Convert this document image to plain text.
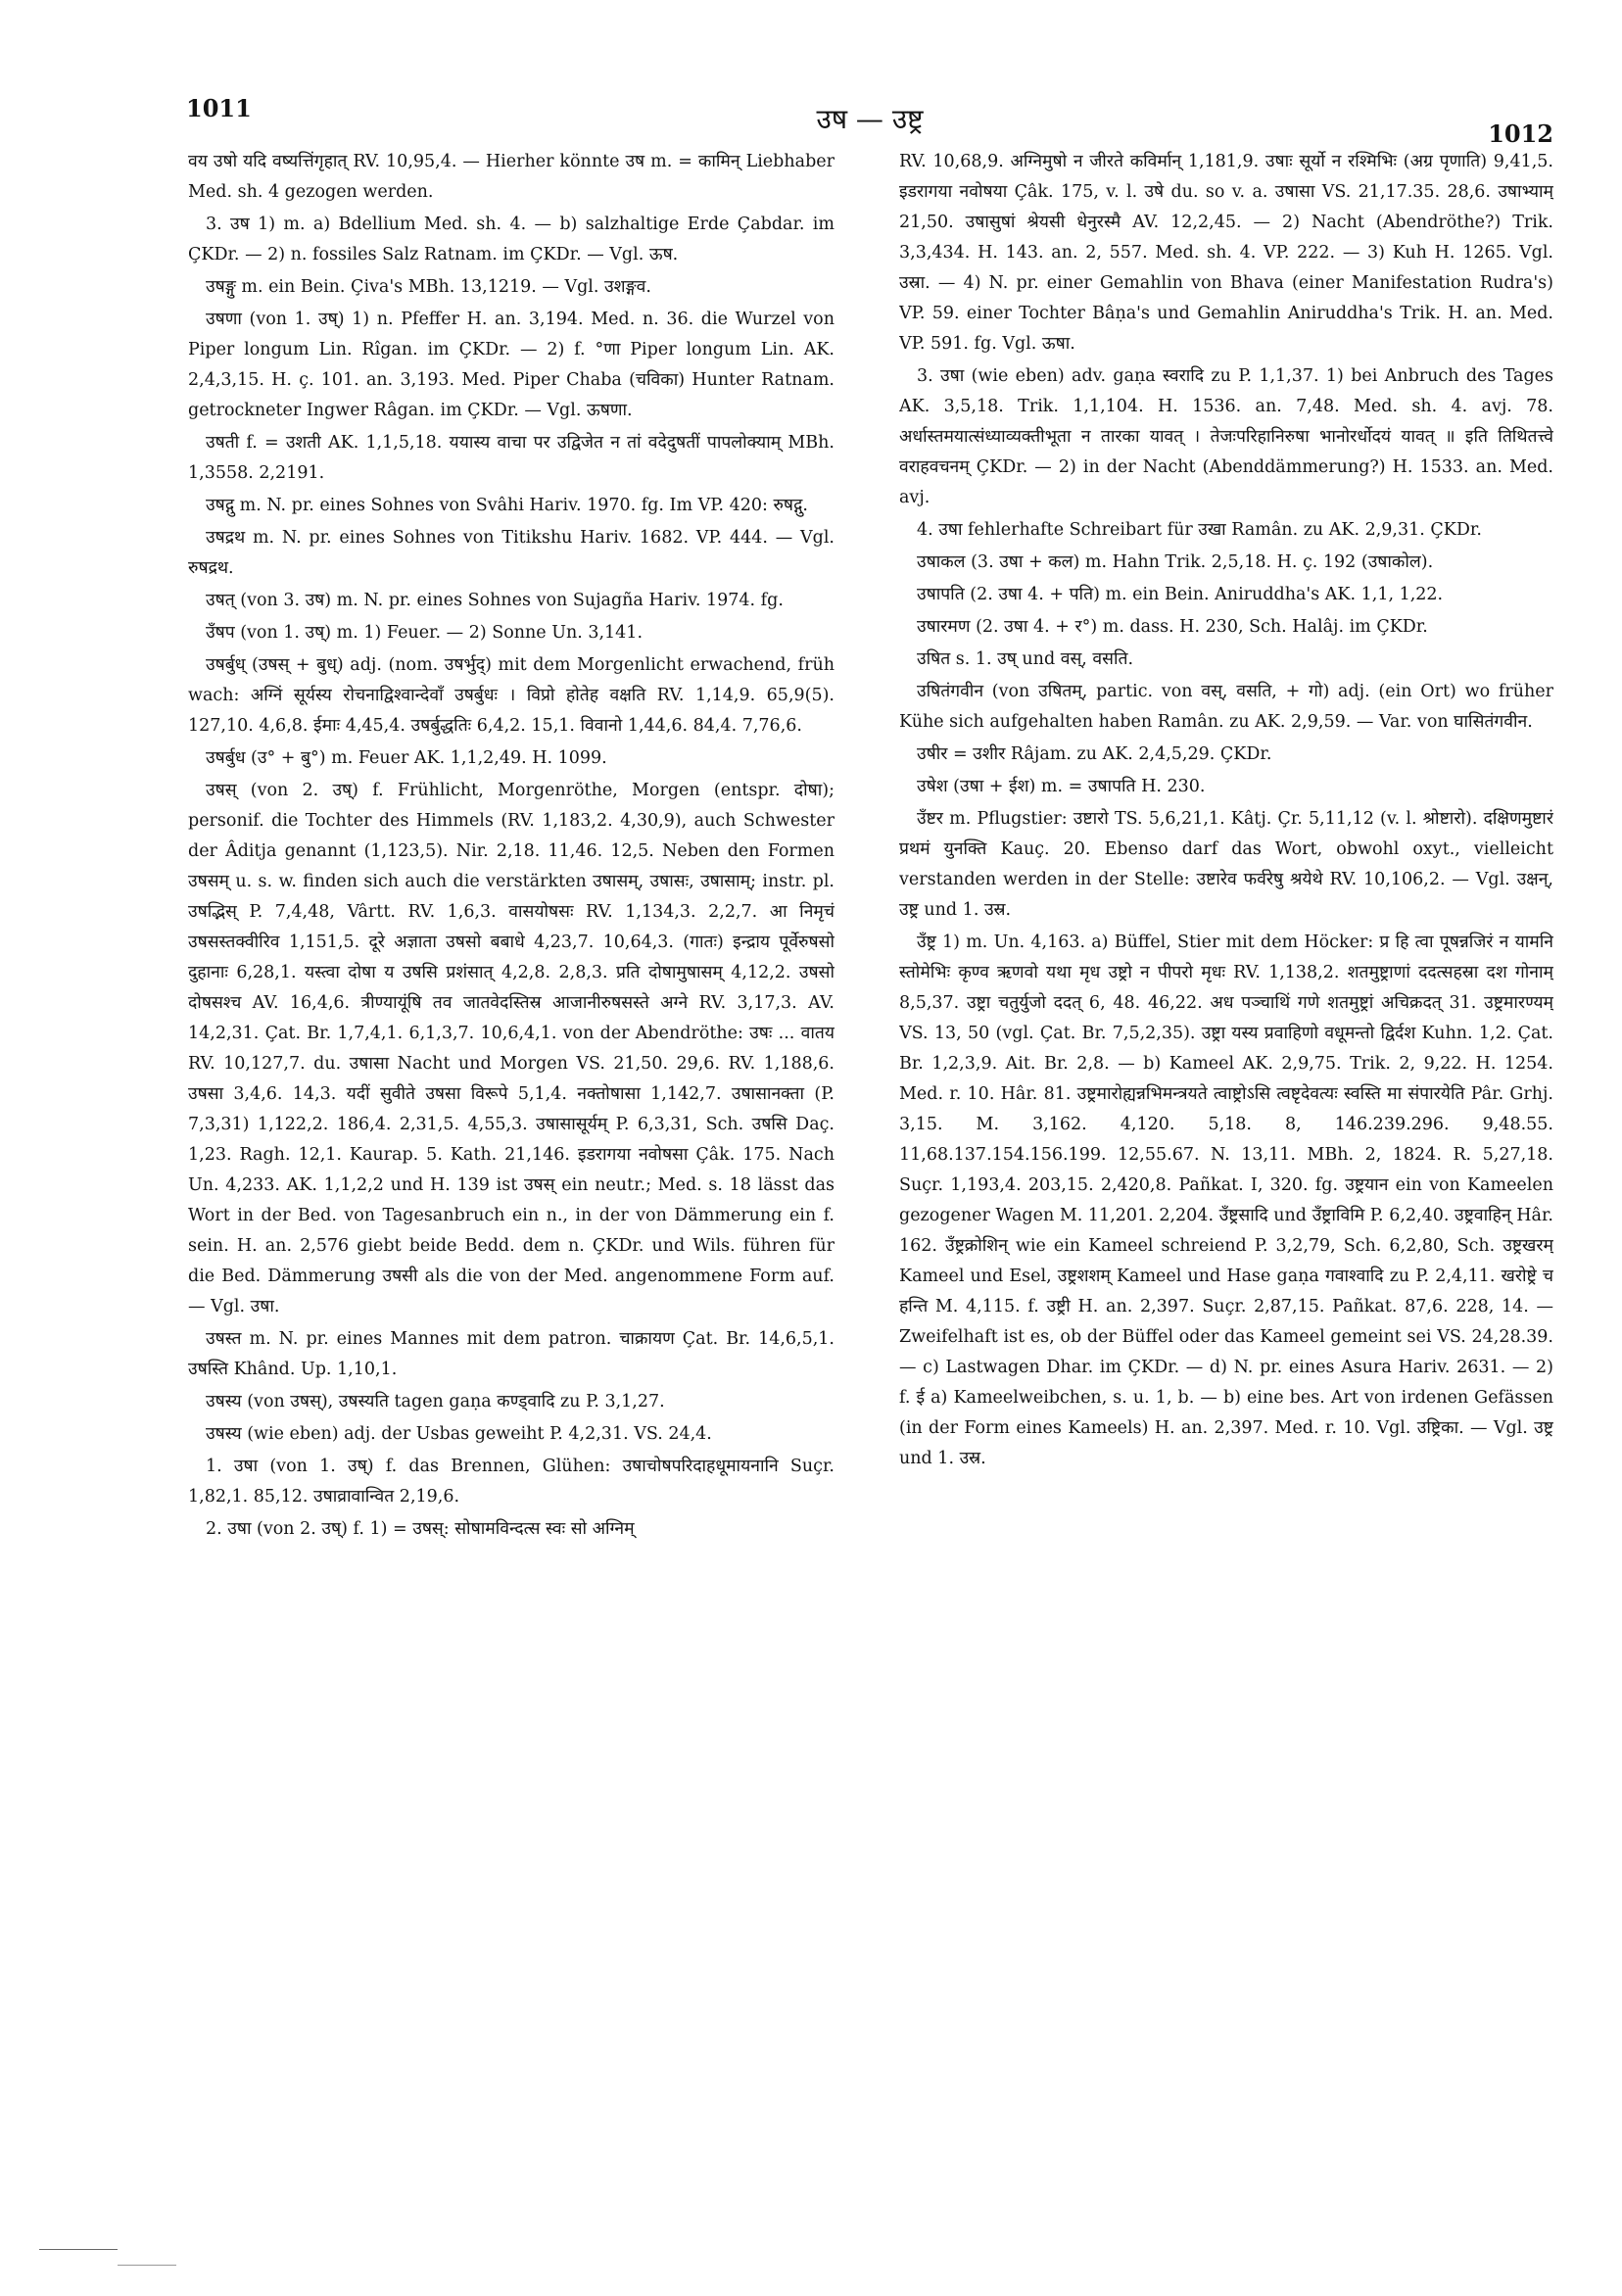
1011	उष — उष्ट्र	1012

वय उषो यदि वष्यत्तिंगृहात् RV. 10,95,4. — Hierher könnte उष m. = कामिन् Liebhaber Med. sh. 4 gezogen werden.

3. उष 1) m. a) Bdellium Med. sh. 4. — b) salzhaltige Erde Çabdar. im ÇKDr. — 2) n. fossiles Salz Ratnam. im ÇKDr. — Vgl. ऊष.

उषङ्गु m. ein Bein. Çiva's MBh. 13,1219. — Vgl. उशङ्गव.

उषणा (von 1. उष्) 1) n. Pfeffer H. an. 3,194. Med. n. 36. die Wurzel von Piper longum Lin. Rîgan. im ÇKDr. — 2) f. °णा Piper longum Lin. AK. 2,4,3,15. H. ç. 101. an. 3,193. Med. Piper Chaba (चविका) Hunter Ratnam. getrockneter Ingwer Râgan. im ÇKDr. — Vgl. ऊषणा.

उषती f. = उशती AK. 1,1,5,18. ययास्य वाचा पर उद्विजेत न तां वदेदुषतीं पापलोक्याम् MBh. 1,3558. 2,2191.

उषद्गु m. N. pr. eines Sohnes von Svâhi Hariv. 1970. fg. Im VP. 420: रुषद्गु.

उषद्रथ m. N. pr. eines Sohnes von Titikshu Hariv. 1682. VP. 444. — Vgl. रुषद्रथ.

उषत् (von 3. उष) m. N. pr. eines Sohnes von Sujagña Hariv. 1974. fg.

उँषप (von 1. उष्) m. 1) Feuer. — 2) Sonne Un. 3,141.

उषर्बुध् (उषस् + बुध्) adj. (nom. उषर्भुद्) mit dem Morgenlicht erwachend, früh wach: अग्निं सूर्यस्य रोचनाद्विश्वान्देवाँ उषर्बुधः । विप्रो होतेह वक्षति RV. 1,14,9. 65,9(5). 127,10. 4,6,8. ईमाः 4,45,4. उषर्बुद्धतिः 6,4,2. 15,1. विवानो 1,44,6. 84,4. 7,76,6.

उषर्बुध (उ° + बु°) m. Feuer AK. 1,1,2,49. H. 1099.

उषस् (von 2. उष्) f. Frühlicht, Morgenröthe, Morgen (entspr. दोषा); personif. die Tochter des Himmels (RV. 1,183,2. 4,30,9), auch Schwester der Âditja genannt (1,123,5). Nir. 2,18. 11,46. 12,5. Neben den Formen उषसम् u. s. w. finden sich auch die verstärkten उषासम्, उषासः, उषासाम्; instr. pl. उषद्भिस् P. 7,4,48, Vârtt. RV. 1,6,3. वासयोषसः RV. 1,134,3. 2,2,7. आ निमृचं उषसस्तक्वीरिव 1,151,5. दूरे अज्ञाता उषसो बबाधे 4,23,7. 10,64,3. (गातः) इन्द्राय पूर्वेरुषसो दुहानाः 6,28,1. यस्त्वा दोषा य उषसि प्रशंसात् 4,2,8. 2,8,3. प्रति दोषामुषासम् 4,12,2. उषसो दोषसश्च AV. 16,4,6. त्रीण्यायूंषि तव जातवेदस्तिस्र आजानीरुषसस्ते अग्ने RV. 3,17,3. AV. 14,2,31. Çat. Br. 1,7,4,1. 6,1,3,7. 10,6,4,1. von der Abendröthe: उषः ... वातय RV. 10,127,7. du. उषासा Nacht und Morgen VS. 21,50. 29,6. RV. 1,188,6. उषसा 3,4,6. 14,3. यदीं सुवीते उषसा विरूपे 5,1,4. नक्तोषासा 1,142,7. उषासानक्ता (P. 7,3,31) 1,122,2. 186,4. 2,31,5. 4,55,3. उषासासूर्यम् P. 6,3,31, Sch. उषसि Daç. 1,23. Ragh. 12,1. Kaurap. 5. Kath. 21,146. इडरागया नवोषसा Çâk. 175. Nach Un. 4,233. AK. 1,1,2,2 und H. 139 ist उषस् ein neutr.; Med. s. 18 lässt das Wort in der Bed. von Tagesanbruch ein n., in der von Dämmerung ein f. sein. H. an. 2,576 giebt beide Bedd. dem n. ÇKDr. und Wils. führen für die Bed. Dämmerung उषसी als die von der Med. angenommene Form auf. — Vgl. उषा.

उषस्त m. N. pr. eines Mannes mit dem patron. चाक्रायण Çat. Br. 14,6,5,1. उषस्ति Khând. Up. 1,10,1.

उषस्य (von उषस्), उषस्यति tagen gaṇa कण्ड्वादि zu P. 3,1,27.

उषस्य (wie eben) adj. der Usbas geweiht P. 4,2,31. VS. 24,4.

1. उषा (von 1. उष्) f. das Brennen, Glühen: उषाचोषपरिदाहधूमायनानि Suçr. 1,82,1. 85,12. उषाव्रावान्वित 2,19,6.

2. उषा (von 2. उष्) f. 1) = उषस्: सोषामविन्दत्स स्वः सो अग्निम्

RV. 10,68,9. अग्निमुषो न जीरते कविर्मान् 1,181,9. उषाः सूर्यो न रश्मिभिः (अग्र पृणाति) 9,41,5. इडरागया नवोषया Çâk. 175, v. l. उषे du. so v. a. उषासा VS. 21,17.35. 28,6. उषाभ्याम् 21,50. उषासुषां श्रेयसी धेनुरस्मै AV. 12,2,45. — 2) Nacht (Abendröthe?) Trik. 3,3,434. H. 143. an. 2, 557. Med. sh. 4. VP. 222. — 3) Kuh H. 1265. Vgl. उस्रा. — 4) N. pr. einer Gemahlin von Bhava (einer Manifestation Rudra's) VP. 59. einer Tochter Bâṇa's und Gemahlin Aniruddha's Trik. H. an. Med. VP. 591. fg. Vgl. ऊषा.

3. उषा (wie eben) adv. gaṇa स्वरादि zu P. 1,1,37. 1) bei Anbruch des Tages AK. 3,5,18. Trik. 1,1,104. H. 1536. an. 7,48. Med. sh. 4. avj. 78. अर्धास्तमयात्संध्याव्यक्तीभूता न तारका यावत् । तेजःपरिहानिरुषा भानोरर्धोदयं यावत् ॥ इति तिथितत्त्वे वराहवचनम् ÇKDr. — 2) in der Nacht (Abenddämmerung?) H. 1533. an. Med. avj.

4. उषा fehlerhafte Schreibart für उखा Ramân. zu AK. 2,9,31. ÇKDr.

उषाकल (3. उषा + कल) m. Hahn Trik. 2,5,18. H. ç. 192 (उषाकोल).

उषापति (2. उषा 4. + पति) m. ein Bein. Aniruddha's AK. 1,1, 1,22.

उषारमण (2. उषा 4. + र°) m. dass. H. 230, Sch. Halâj. im ÇKDr.

उषित s. 1. उष् und वस्, वसति.

उषितंगवीन (von उषितम्, partic. von वस्, वसति, + गो) adj. (ein Ort) wo früher Kühe sich aufgehalten haben Ramân. zu AK. 2,9,59. — Var. von घासितंगवीन.

उषीर = उशीर Râjam. zu AK. 2,4,5,29. ÇKDr.

उषेश (उषा + ईश) m. = उषापति H. 230.

उँष्टर m. Pflugstier: उष्टारो TS. 5,6,21,1. Kâtj. Çr. 5,11,12 (v. l. श्रोष्टारो). दक्षिणमुष्टारं प्रथमं युनक्ति Kauç. 20. Ebenso darf das Wort, obwohl oxyt., vielleicht verstanden werden in der Stelle: उष्टारेव फर्वरेषु श्रयेथे RV. 10,106,2. — Vgl. उक्षन्, उष्ट्र und 1. उस्र.

उँष्ट्र 1) m. Un. 4,163. a) Büffel, Stier mit dem Höcker: प्र हि त्वा पूषन्नजिरं न यामनि स्तोमेभिः कृण्व ऋणवो यथा मृध उष्ट्रो न पीपरो मृधः RV. 1,138,2. शतमुष्ट्राणां ददत्सहस्रा दश गोनाम् 8,5,37. उष्ट्रा चतुर्युजो ददत् 6, 48. 46,22. अध पञ्चाथिं गणे शतमुष्ट्रां अचिक्रदत् 31. उष्ट्रमारण्यम् VS. 13, 50 (vgl. Çat. Br. 7,5,2,35). उष्ट्रा यस्य प्रवाहिणो वधूमन्तो द्विर्दश Kuhn. 1,2. Çat. Br. 1,2,3,9. Ait. Br. 2,8. — b) Kameel AK. 2,9,75. Trik. 2, 9,22. H. 1254. Med. r. 10. Hâr. 81. उष्ट्रमारोह्यन्नभिमन्त्रयते त्वाष्ट्रोऽसि त्वष्टृदेवत्यः स्वस्ति मा संपारयेति Pâr. Grhj. 3,15. M. 3,162. 4,120. 5,18. 8, 146.239.296. 9,48.55. 11,68.137.154.156.199. 12,55.67. N. 13,11. MBh. 2, 1824. R. 5,27,18. Suçr. 1,193,4. 203,15. 2,420,8. Pañkat. I, 320. fg. उष्ट्रयान ein von Kameelen gezogener Wagen M. 11,201. 2,204. उँष्ट्रसादि und उँष्ट्राविमि P. 6,2,40. उष्ट्रवाहिन् Hâr. 162. उँष्ट्रक्रोशिन् wie ein Kameel schreiend P. 3,2,79, Sch. 6,2,80, Sch. उष्ट्रखरम् Kameel und Esel, उष्ट्रशशम् Kameel und Hase gaṇa गवाश्वादि zu P. 2,4,11. खरोष्ट्रे च हन्ति M. 4,115. f. उष्ट्री H. an. 2,397. Suçr. 2,87,15. Pañkat. 87,6. 228, 14. — Zweifelhaft ist es, ob der Büffel oder das Kameel gemeint sei VS. 24,28.39. — c) Lastwagen Dhar. im ÇKDr. — d) N. pr. eines Asura Hariv. 2631. — 2) f. ई a) Kameelweibchen, s. u. 1, b. — b) eine bes. Art von irdenen Gefässen (in der Form eines Kameels) H. an. 2,397. Med. r. 10. Vgl. उष्ट्रिका. — Vgl. उष्ट्र und 1. उस्र.
